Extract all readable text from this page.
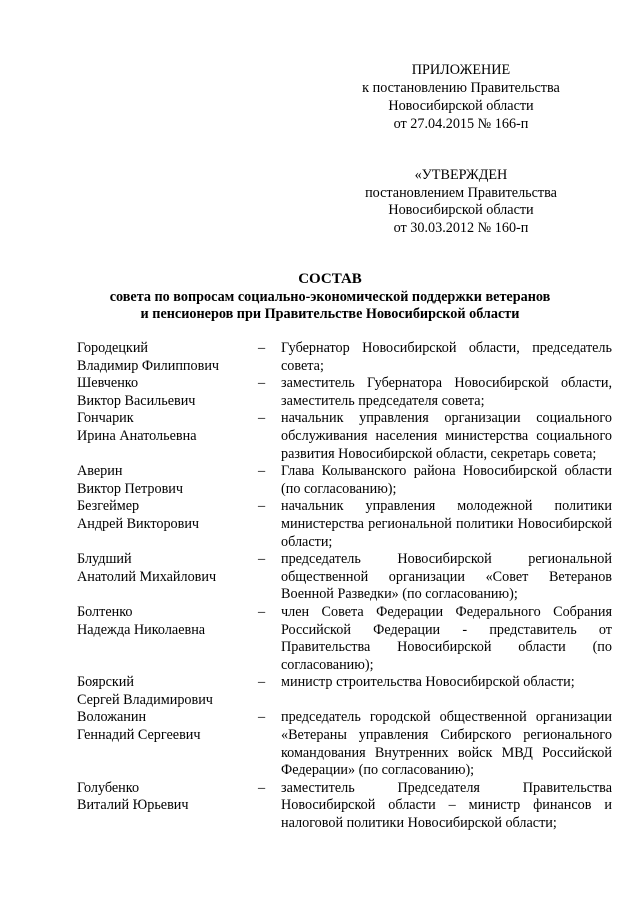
ПРИЛОЖЕНИЕ
к постановлению Правительства
Новосибирской области
от 27.04.2015 № 166-п
«УТВЕРЖДЕН
постановлением Правительства
Новосибирской области
от 30.03.2012 № 160-п
СОСТАВ
совета по вопросам социально-экономической поддержки ветеранов
и пенсионеров при Правительстве Новосибирской области
Городецкий
Владимир Филиппович
–	Губернатор Новосибирской области, председатель совета;
Шевченко
Виктор Васильевич
–	заместитель Губернатора Новосибирской области, заместитель председателя совета;
Гончарик
Ирина Анатольевна
–	начальник управления организации социального обслуживания населения министерства социального развития Новосибирской области, секретарь совета;
Аверин
Виктор Петрович
–	Глава Колыванского района Новосибирской области (по согласованию);
Безгеймер
Андрей Викторович
–	начальник управления молодежной политики министерства региональной политики Новосибирской области;
Блудший
Анатолий Михайлович
–	председатель Новосибирской региональной общественной организации «Совет Ветеранов Военной Разведки» (по согласованию);
Болтенко
Надежда Николаевна
–	член Совета Федерации Федерального Собрания Российской Федерации - представитель от Правительства Новосибирской области (по согласованию);
Боярский
Сергей Владимирович
–	министр строительства Новосибирской области;
Воложанин
Геннадий Сергеевич
–	председатель городской общественной организации «Ветераны управления Сибирского регионального командования Внутренних войск МВД Российской Федерации» (по согласованию);
Голубенко
Виталий Юрьевич
–	заместитель Председателя Правительства Новосибирской области – министр финансов и налоговой политики Новосибирской области;
